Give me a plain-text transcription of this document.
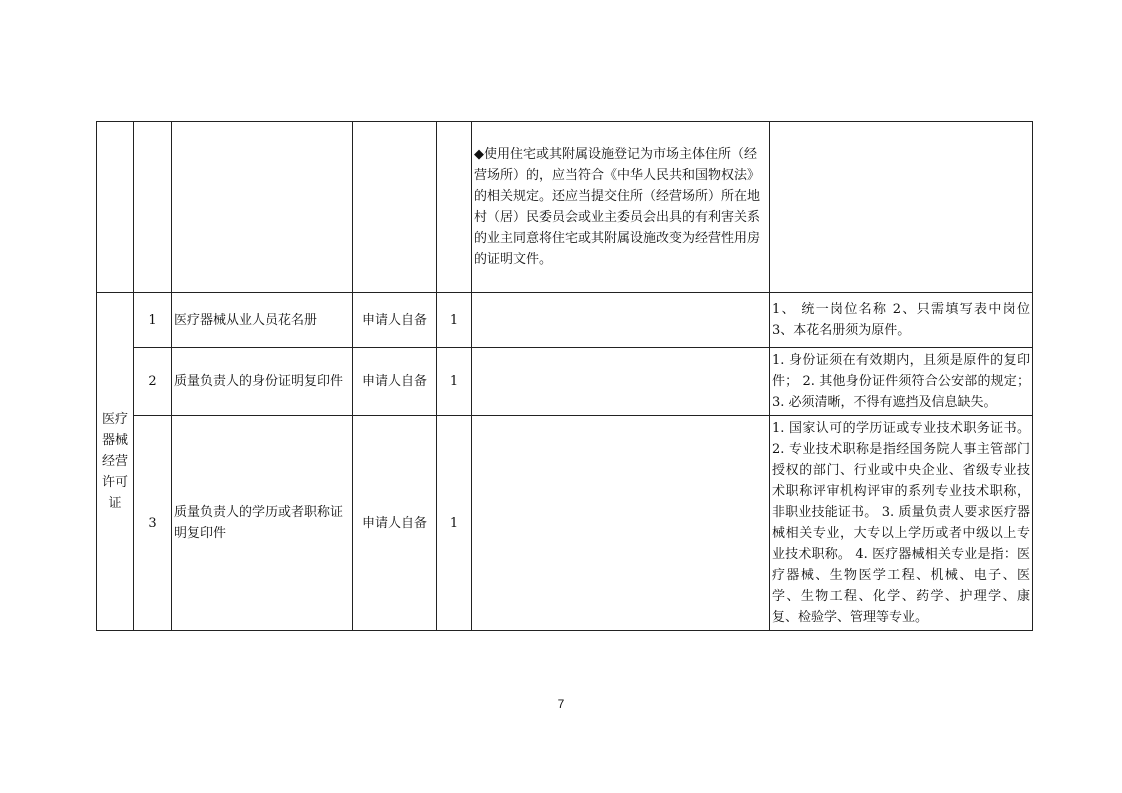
					◆使用住宅或其附属设施登记为市场主体住所（经营场所）的，应当符合《中华人民共和国物权法》的相关规定。还应当提交住所（经营场所）所在地村（居）民委员会或业主委员会出具的有利害关系的业主同意将住宅或其附属设施改变为经营性用房的证明文件。	
医疗器械经营许可证	1	医疗器械从业人员花名册	申请人自备	1		1、 统一岗位名称 2、只需填写表中岗位 3、本花名册须为原件。
	2	质量负责人的身份证明复印件	申请人自备	1		1. 身份证须在有效期内，且须是原件的复印件； 2. 其他身份证件须符合公安部的规定；3. 必须清晰，不得有遮挡及信息缺失。
	3	质量负责人的学历或者职称证明复印件	申请人自备	1		1. 国家认可的学历证或专业技术职务证书。2. 专业技术职称是指经国务院人事主管部门授权的部门、行业或中央企业、省级专业技术职称评审机构评审的系列专业技术职称，非职业技能证书。 3. 质量负责人要求医疗器械相关专业，大专以上学历或者中级以上专业技术职称。 4. 医疗器械相关专业是指：医疗器械、生物医学工程、机械、电子、医学、生物工程、化学、药学、护理学、康复、检验学、管理等专业。
7
